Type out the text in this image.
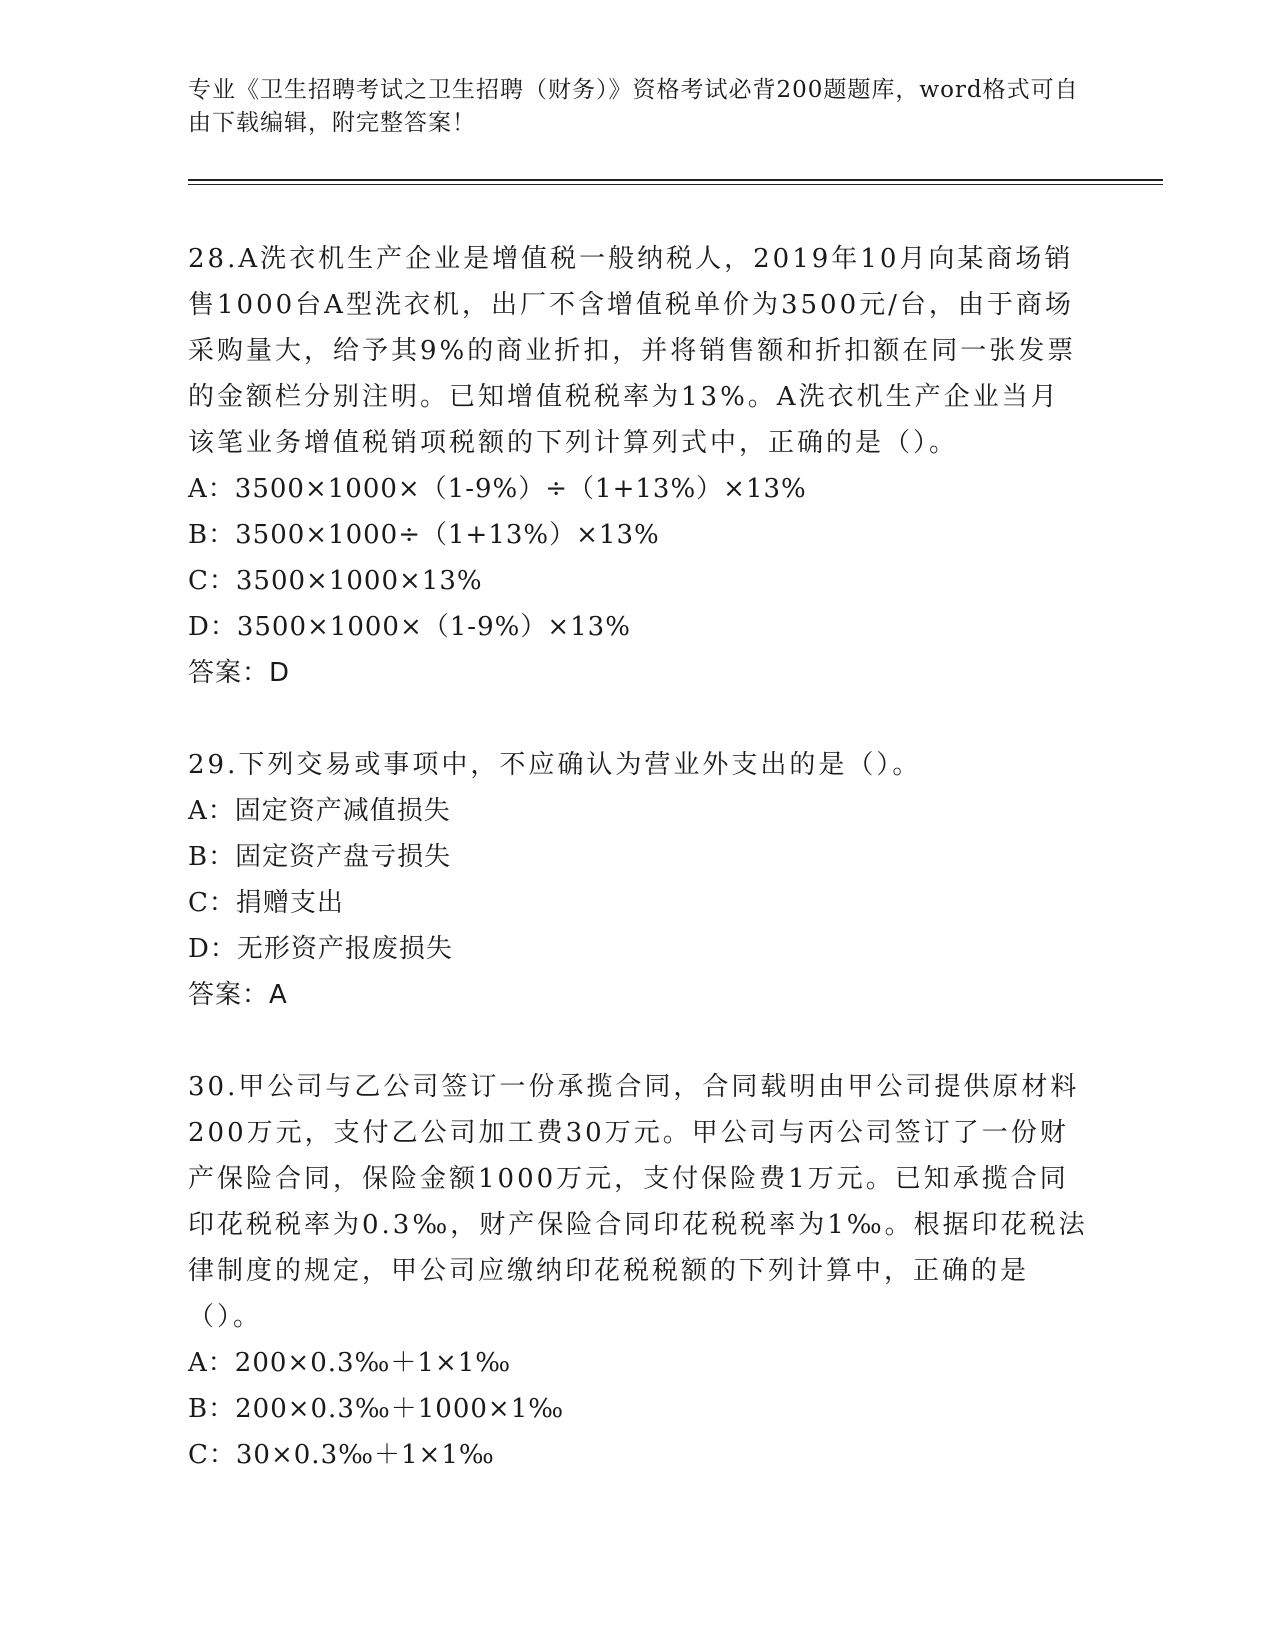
专业《卫生招聘考试之卫生招聘（财务）》资格考试必背200题题库，word格式可自由下载编辑，附完整答案！

28.A洗衣机生产企业是增值税一般纳税人，2019年10月向某商场销售1000台A型洗衣机，出厂不含增值税单价为3500元/台，由于商场采购量大，给予其9%的商业折扣，并将销售额和折扣额在同一张发票的金额栏分别注明。已知增值税税率为13%。A洗衣机生产企业当月该笔业务增值税销项税额的下列计算列式中，正确的是（）。

A：3500×1000×（1-9%）÷（1+13%）×13%

B：3500×1000÷（1+13%）×13%

C：3500×1000×13%

D：3500×1000×（1-9%）×13%

答案：D

29.下列交易或事项中，不应确认为营业外支出的是（）。

A：固定资产减值损失

B：固定资产盘亏损失

C：捐赠支出

D：无形资产报废损失

答案：A

30.甲公司与乙公司签订一份承揽合同，合同载明由甲公司提供原材料200万元，支付乙公司加工费30万元。甲公司与丙公司签订了一份财产保险合同，保险金额1000万元，支付保险费1万元。已知承揽合同印花税税率为0.3‰，财产保险合同印花税税率为1‰。根据印花税法律制度的规定，甲公司应缴纳印花税税额的下列计算中，正确的是（）。

A：200×0.3‰＋1×1‰

B：200×0.3‰＋1000×1‰

C：30×0.3‰＋1×1‰
